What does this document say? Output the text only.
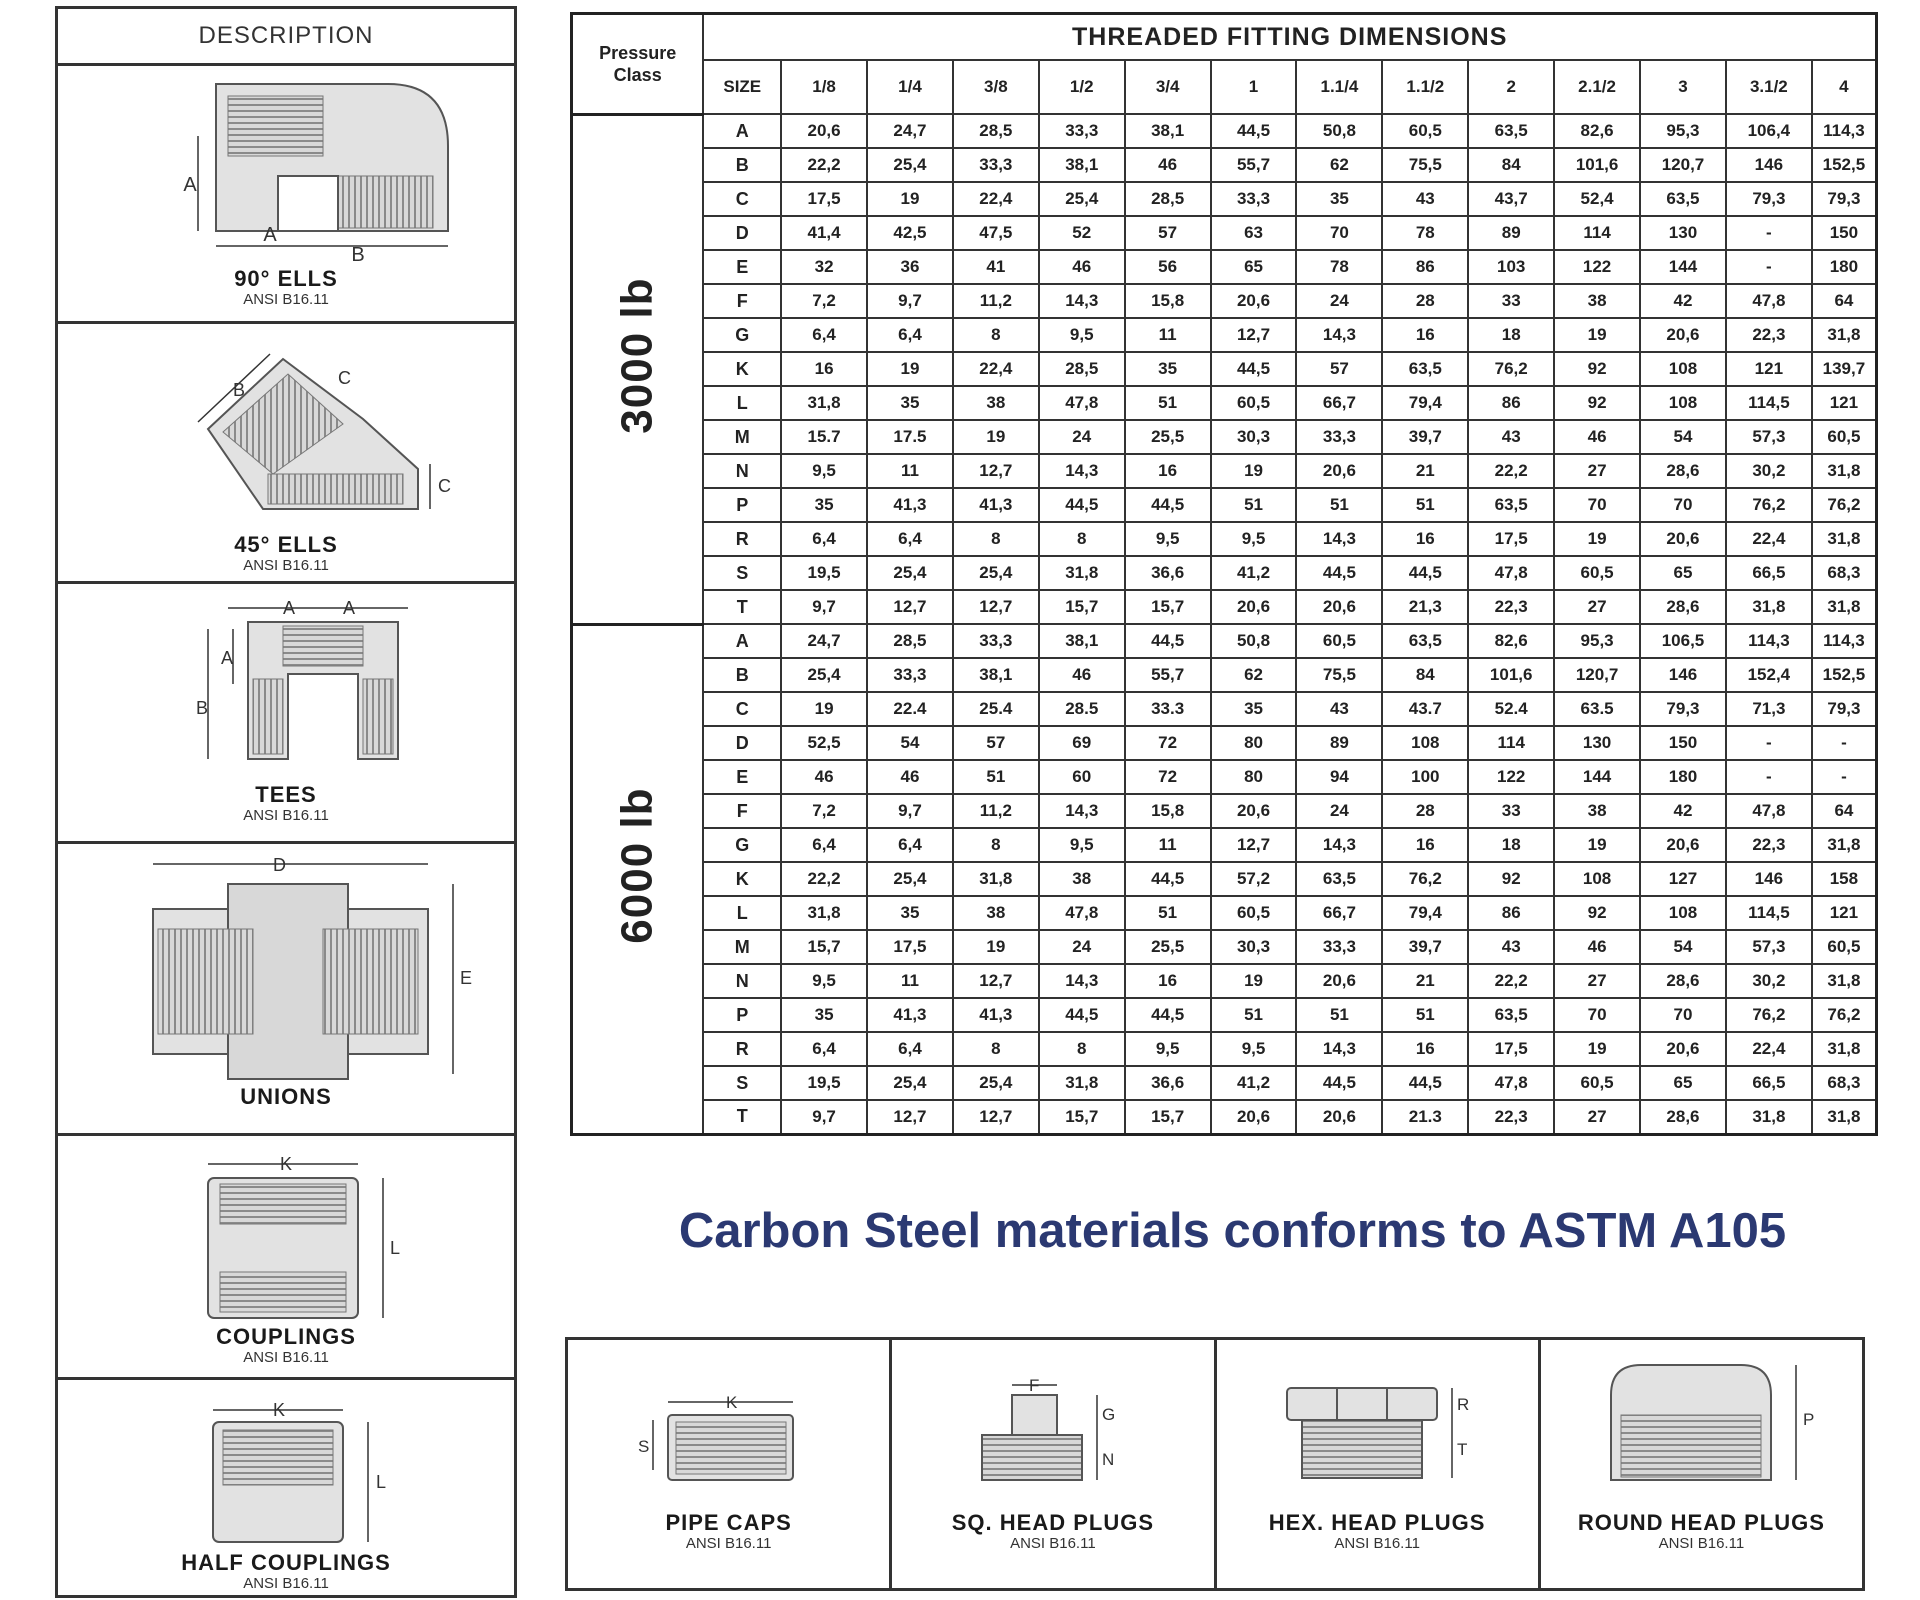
DESCRIPTION
A
A
B
90° ELLS
ANSI B16.11
B
C
C
45° ELLS
ANSI B16.11
A	A
A
B
TEES
ANSI B16.11
D
E
UNIONS
K
L
COUPLINGS
ANSI B16.11
K
L
HALF COUPLINGS
ANSI B16.11
Pressure Class	THREADED FITTING DIMENSIONS													
	SIZE	1/8	1/4	3/8	1/2	3/4	1	1.1/4	1.1/2	2	2.1/2	3	3.1/2	4

3000 lb	A	20,6	24,7	28,5	33,3	38,1	44,5	50,8	60,5	63,5	82,6	95,3	106,4	114,3
	B	22,2	25,4	33,3	38,1	46	55,7	62	75,5	84	101,6	120,7	146	152,5
	C	17,5	19	22,4	25,4	28,5	33,3	35	43	43,7	52,4	63,5	79,3	79,3
	D	41,4	42,5	47,5	52	57	63	70	78	89	114	130	-	150
	E	32	36	41	46	56	65	78	86	103	122	144	-	180
	F	7,2	9,7	11,2	14,3	15,8	20,6	24	28	33	38	42	47,8	64
	G	6,4	6,4	8	9,5	11	12,7	14,3	16	18	19	20,6	22,3	31,8
	K	16	19	22,4	28,5	35	44,5	57	63,5	76,2	92	108	121	139,7
	L	31,8	35	38	47,8	51	60,5	66,7	79,4	86	92	108	114,5	121
	M	15.7	17.5	19	24	25,5	30,3	33,3	39,7	43	46	54	57,3	60,5
	N	9,5	11	12,7	14,3	16	19	20,6	21	22,2	27	28,6	30,2	31,8
	P	35	41,3	41,3	44,5	44,5	51	51	51	63,5	70	70	76,2	76,2
	R	6,4	6,4	8	8	9,5	9,5	14,3	16	17,5	19	20,6	22,4	31,8
	S	19,5	25,4	25,4	31,8	36,6	41,2	44,5	44,5	47,8	60,5	65	66,5	68,3
	T	9,7	12,7	12,7	15,7	15,7	20,6	20,6	21,3	22,3	27	28,6	31,8	31,8

6000 lb	A	24,7	28,5	33,3	38,1	44,5	50,8	60,5	63,5	82,6	95,3	106,5	114,3	114,3
	B	25,4	33,3	38,1	46	55,7	62	75,5	84	101,6	120,7	146	152,4	152,5
	C	19	22.4	25.4	28.5	33.3	35	43	43.7	52.4	63.5	79,3	71,3	79,3
	D	52,5	54	57	69	72	80	89	108	114	130	150	-	-
	E	46	46	51	60	72	80	94	100	122	144	180	-	-
	F	7,2	9,7	11,2	14,3	15,8	20,6	24	28	33	38	42	47,8	64
	G	6,4	6,4	8	9,5	11	12,7	14,3	16	18	19	20,6	22,3	31,8
	K	22,2	25,4	31,8	38	44,5	57,2	63,5	76,2	92	108	127	146	158
	L	31,8	35	38	47,8	51	60,5	66,7	79,4	86	92	108	114,5	121
	M	15,7	17,5	19	24	25,5	30,3	33,3	39,7	43	46	54	57,3	60,5
	N	9,5	11	12,7	14,3	16	19	20,6	21	22,2	27	28,6	30,2	31,8
	P	35	41,3	41,3	44,5	44,5	51	51	51	63,5	70	70	76,2	76,2
	R	6,4	6,4	8	8	9,5	9,5	14,3	16	17,5	19	20,6	22,4	31,8
	S	19,5	25,4	25,4	31,8	36,6	41,2	44,5	44,5	47,8	60,5	65	66,5	68,3
	T	9,7	12,7	12,7	15,7	15,7	20,6	20,6	21.3	22,3	27	28,6	31,8	31,8
Carbon Steel materials conforms to ASTM A105
K
S
PIPE CAPS
ANSI B16.11
F
G
N
SQ. HEAD PLUGS
ANSI B16.11
R
T
HEX. HEAD PLUGS
ANSI B16.11
P
ROUND HEAD PLUGS
ANSI B16.11
